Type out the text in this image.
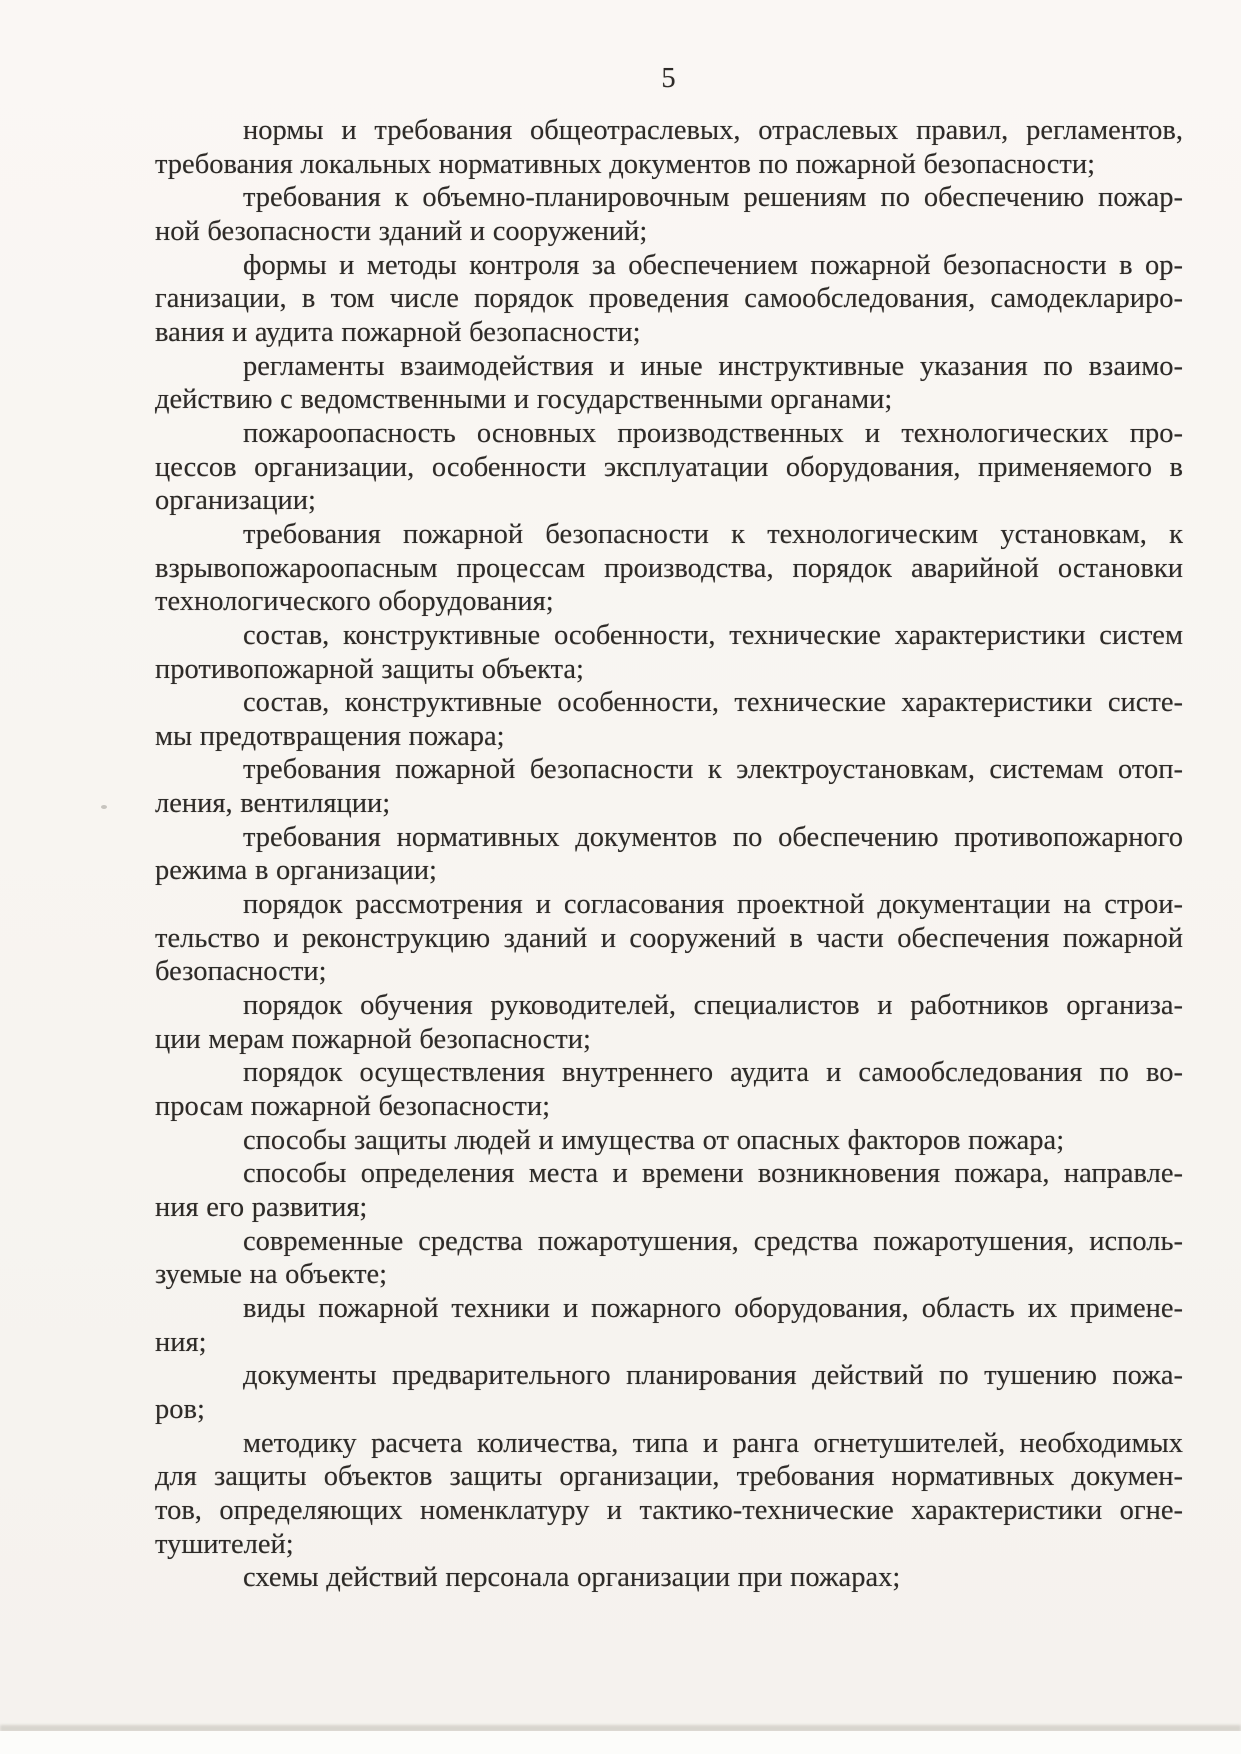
5
нормы и требования общеотраслевых, отраслевых правил, регламентов,
требования локальных нормативных документов по пожарной безопасности;
требования к объемно-планировочным решениям по обеспечению пожар-
ной безопасности зданий и сооружений;
формы и методы контроля за обеспечением пожарной безопасности в ор-
ганизации, в том числе порядок проведения самообследования, самодеклариро-
вания и аудита пожарной безопасности;
регламенты взаимодействия и иные инструктивные указания по взаимо-
действию с ведомственными и государственными органами;
пожароопасность основных производственных и технологических про-
цессов организации, особенности эксплуатации оборудования, применяемого в
организации;
требования пожарной безопасности к технологическим установкам, к
взрывопожароопасным процессам производства, порядок аварийной остановки
технологического оборудования;
состав, конструктивные особенности, технические характеристики систем
противопожарной защиты объекта;
состав, конструктивные особенности, технические характеристики систе-
мы предотвращения пожара;
требования пожарной безопасности к электроустановкам, системам отоп-
ления, вентиляции;
требования нормативных документов по обеспечению противопожарного
режима в организации;
порядок рассмотрения и согласования проектной документации на строи-
тельство и реконструкцию зданий и сооружений в части обеспечения пожарной
безопасности;
порядок обучения руководителей, специалистов и работников организа-
ции мерам пожарной безопасности;
порядок осуществления внутреннего аудита и самообследования по во-
просам пожарной безопасности;
способы защиты людей и имущества от опасных факторов пожара;
способы определения места и времени возникновения пожара, направле-
ния его развития;
современные средства пожаротушения, средства пожаротушения, исполь-
зуемые на объекте;
виды пожарной техники и пожарного оборудования, область их примене-
ния;
документы предварительного планирования действий по тушению пожа-
ров;
методику расчета количества, типа и ранга огнетушителей, необходимых
для защиты объектов защиты организации, требования нормативных докумен-
тов, определяющих номенклатуру и тактико-технические характеристики огне-
тушителей;
схемы действий персонала организации при пожарах;
